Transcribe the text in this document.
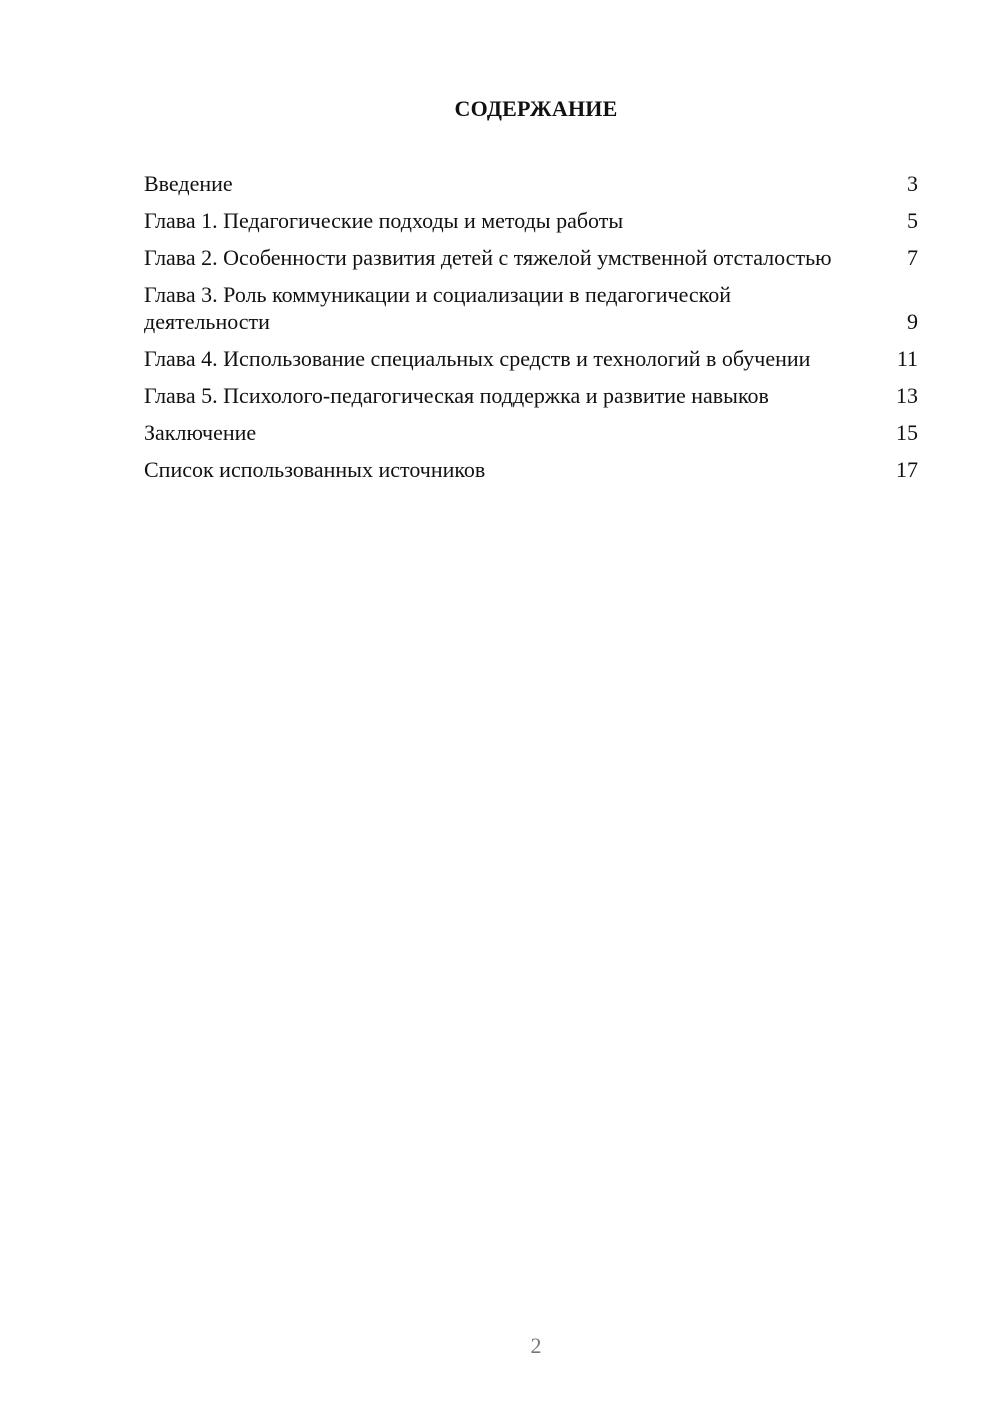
СОДЕРЖАНИЕ
Введение	3
Глава 1. Педагогические подходы и методы работы	5
Глава 2. Особенности развития детей с тяжелой умственной отсталостью	7
Глава 3. Роль коммуникации и социализации в педагогической деятельности	9
Глава 4. Использование специальных средств и технологий в обучении	11
Глава 5. Психолого-педагогическая поддержка и развитие навыков	13
Заключение	15
Список использованных источников	17
2
